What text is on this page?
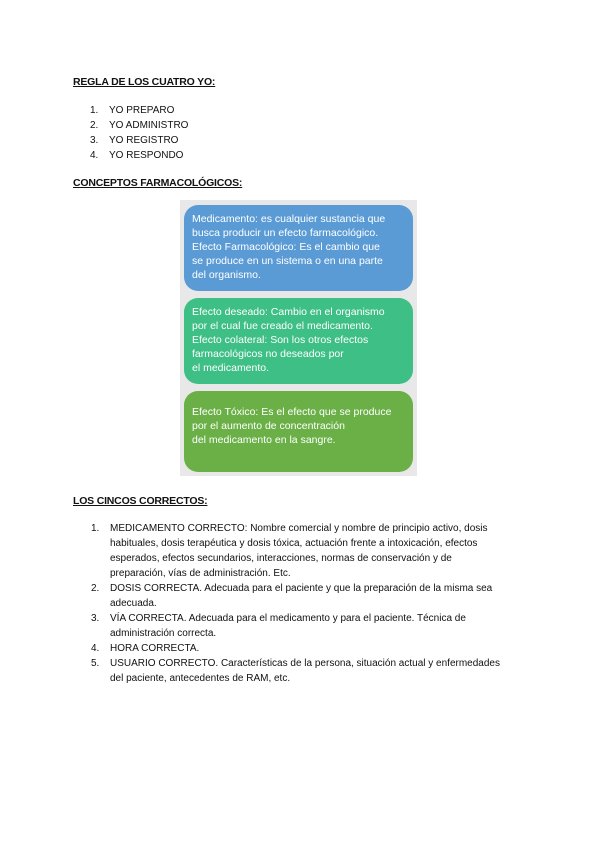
REGLA DE LOS CUATRO YO:
1. YO PREPARO
2. YO ADMINISTRO
3. YO REGISTRO
4. YO RESPONDO
CONCEPTOS FARMACOLÓGICOS:

Medicamento: es cualquier sustancia que

busca producir un efecto farmacológico.

Efecto Farmacológico: Es el cambio que

se produce en un sistema o en una parte

del organismo.

Efecto deseado: Cambio en el organismo

por el cual fue creado el medicamento.

Efecto colateral: Son los otros efectos

farmacológicos no deseados por

el medicamento.

Efecto Tóxico: Es el efecto que se produce

por el aumento de concentración

del medicamento en la sangre.

LOS CINCOS CORRECTOS:
1. MEDICAMENTO CORRECTO: Nombre comercial y nombre de principio activo, dosis
habituales, dosis terapéutica y dosis tóxica, actuación frente a intoxicación, efectos
esperados, efectos secundarios, interacciones, normas de conservación y de
preparación, vías de administración. Etc.
2. DOSIS CORRECTA. Adecuada para el paciente y que la preparación de la misma sea
adecuada.
3. VÍA CORRECTA. Adecuada para el medicamento y para el paciente. Técnica de
administración correcta.
4. HORA CORRECTA.
5. USUARIO CORRECTO. Características de la persona, situación actual y enfermedades
del paciente, antecedentes de RAM, etc.
